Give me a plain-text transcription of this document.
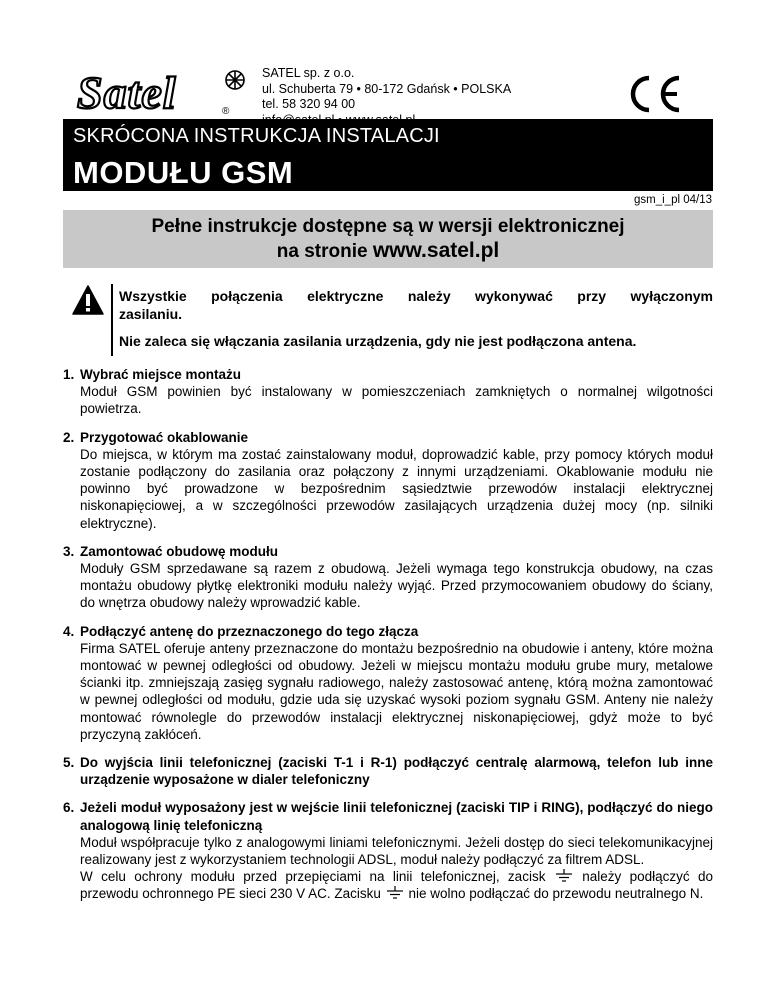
Satel	®
SATEL sp. z o.o.
ul. Schuberta 79 • 80-172 Gdańsk • POLSKA
tel. 58 320 94 00
SKRÓCONA INSTRUKCJA INSTALACJI
MODUŁU GSM
gsm_i_pl 04/13
Pełne instrukcje dostępne są w wersji elektronicznej
na stronie www.satel.pl
Wszystkie połączenia elektryczne należy wykonywać przy wyłączonym
zasilaniu.
Nie zaleca się włączania zasilania urządzenia, gdy nie jest podłączona antena.
1. Wybrać miejsce montażu
Moduł GSM powinien być instalowany w pomieszczeniach zamkniętych o normalnej wilgotności powietrza.
2. Przygotować okablowanie
Do miejsca, w którym ma zostać zainstalowany moduł, doprowadzić kable, przy pomocy których moduł zostanie podłączony do zasilania oraz połączony z innymi urządzeniami. Okablowanie modułu nie powinno być prowadzone w bezpośrednim sąsiedztwie przewodów instalacji elektrycznej niskonapięciowej, a w szczególności przewodów zasilających urządzenia dużej mocy (np. silniki elektryczne).
3. Zamontować obudowę modułu
Moduły GSM sprzedawane są razem z obudową. Jeżeli wymaga tego konstrukcja obudowy, na czas montażu obudowy płytkę elektroniki modułu należy wyjąć. Przed przymocowaniem obudowy do ściany, do wnętrza obudowy należy wprowadzić kable.
4. Podłączyć antenę do przeznaczonego do tego złącza
Firma SATEL oferuje anteny przeznaczone do montażu bezpośrednio na obudowie i anteny, które można montować w pewnej odległości od obudowy. Jeżeli w miejscu montażu modułu grube mury, metalowe ścianki itp. zmniejszają zasięg sygnału radiowego, należy zastosować antenę, którą można zamontować w pewnej odległości od modułu, gdzie uda się uzyskać wysoki poziom sygnału GSM. Anteny nie należy montować równolegle do przewodów instalacji elektrycznej niskonapięciowej, gdyż może to być przyczyną zakłóceń.
5. Do wyjścia linii telefonicznej (zaciski T-1 i R-1) podłączyć centralę alarmową, telefon lub inne urządzenie wyposażone w dialer telefoniczny
6. Jeżeli moduł wyposażony jest w wejście linii telefonicznej (zaciski TIP i RING), podłączyć do niego analogową linię telefoniczną
Moduł współpracuje tylko z analogowymi liniami telefonicznymi. Jeżeli dostęp do sieci telekomunikacyjnej realizowany jest z wykorzystaniem technologii ADSL, moduł należy podłączyć za filtrem ADSL.
W celu ochrony modułu przed przepięciami na linii telefonicznej, zacisk	należy podłączyć do przewodu ochronnego PE sieci 230 V AC. Zacisku nie wolno podłączać do przewodu neutralnego N.
